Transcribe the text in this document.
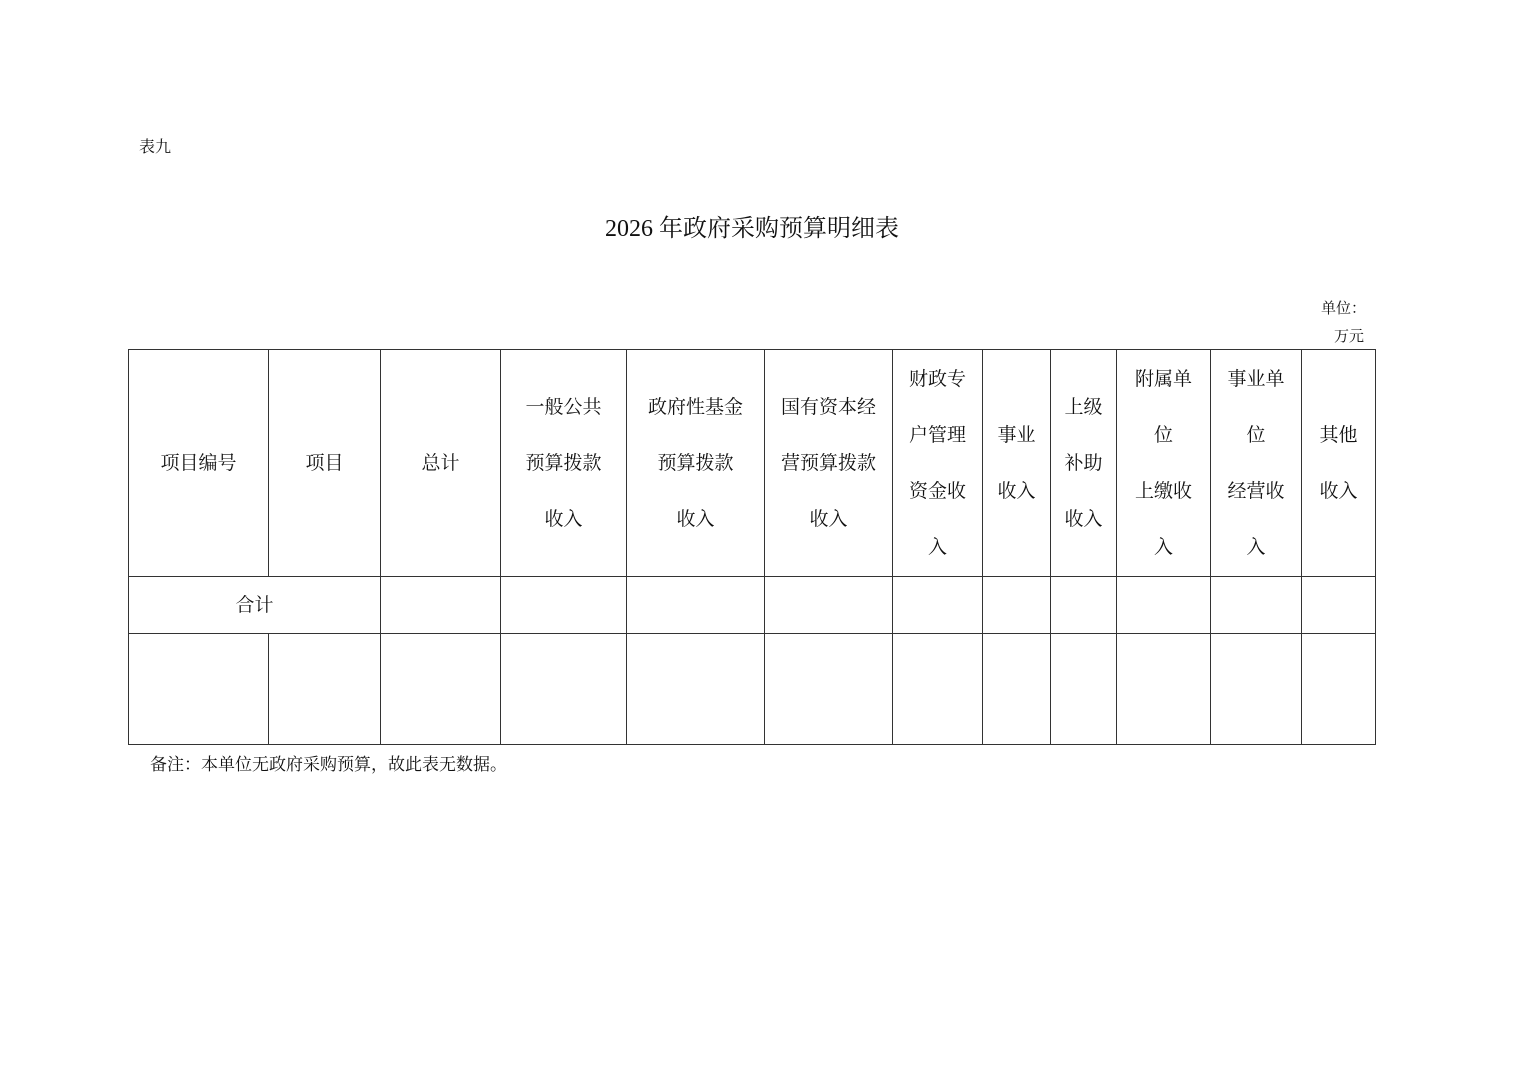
表九
2026 年政府采购预算明细表
单位：
万元
项目编号	项目	总计	一般公共
预算拨款
收入	政府性基金
预算拨款
收入	国有资本经
营预算拨款
收入	财政专
户管理
资金收
入	事业
收入	上级
补助
收入	附属单
位
上缴收
入	事业单
位
经营收
入	其他
收入

合计											

备注：本单位无政府采购预算，故此表无数据。
